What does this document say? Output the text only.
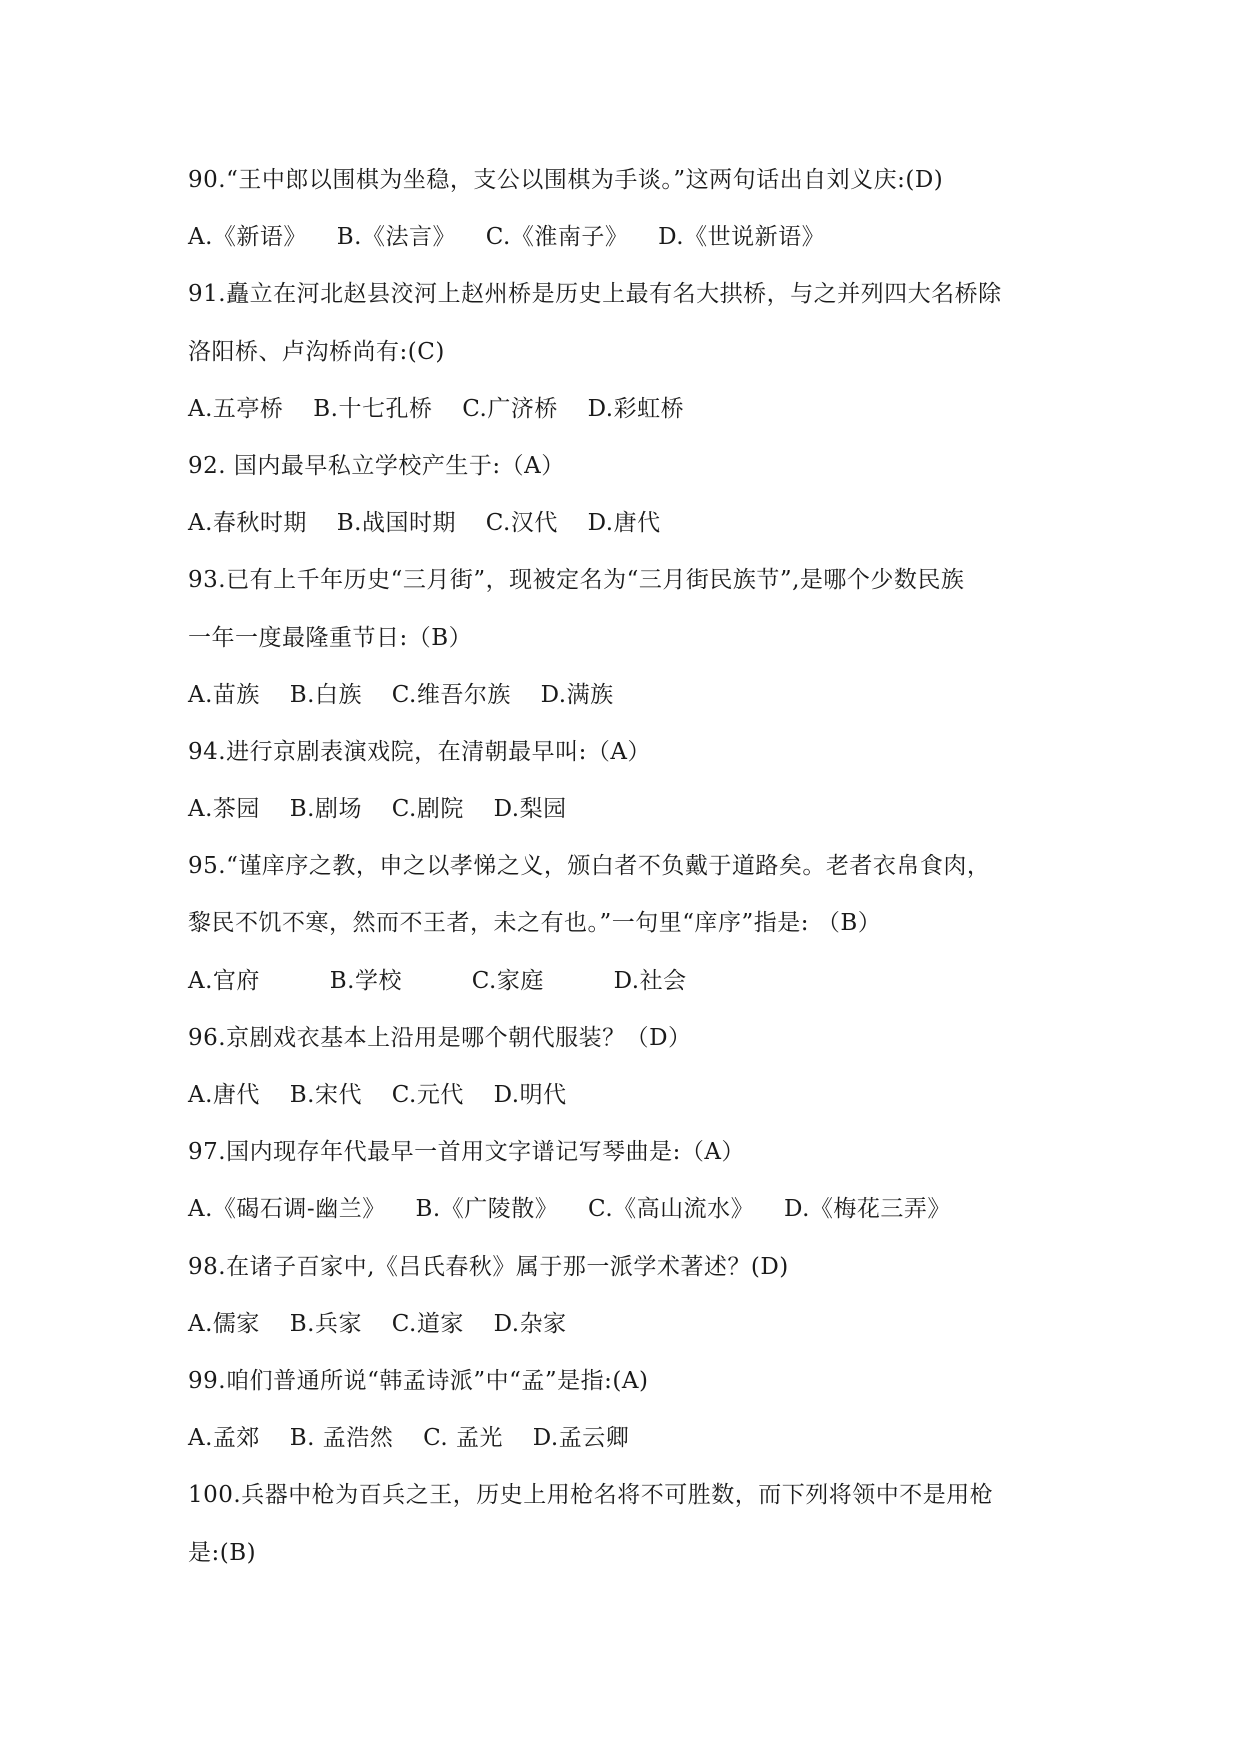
90.“王中郎以围棋为坐稳，支公以围棋为手谈。”这两句话出自刘义庆:(D)
A.《新语》 B.《法言》 C.《淮南子》 D.《世说新语》
91.矗立在河北赵县洨河上赵州桥是历史上最有名大拱桥，与之并列四大名桥除
洛阳桥、卢沟桥尚有:(C)
A.五亭桥 B.十七孔桥 C.广济桥 D.彩虹桥
92. 国内最早私立学校产生于:（A）
A.春秋时期 B.战国时期 C.汉代 D.唐代
93.已有上千年历史“三月街”，现被定名为“三月街民族节”,是哪个少数民族
一年一度最隆重节日:（B）
A.苗族 B.白族 C.维吾尔族 D.满族
94.进行京剧表演戏院，在清朝最早叫:（A）
A.茶园 B.剧场 C.剧院 D.梨园
95.“谨庠序之教，申之以孝悌之义，颁白者不负戴于道路矣。老者衣帛食肉，
黎民不饥不寒，然而不王者，未之有也。”一句里“庠序”指是: （B）
A.官府	B.学校	C.家庭	D.社会
96.京剧戏衣基本上沿用是哪个朝代服装？（D）
A.唐代 B.宋代 C.元代 D.明代
97.国内现存年代最早一首用文字谱记写琴曲是:（A）
A.《碣石调-幽兰》 B.《广陵散》 C.《高山流水》 D.《梅花三弄》
98.在诸子百家中,《吕氏春秋》属于那一派学术著述？(D)
A.儒家 B.兵家 C.道家 D.杂家
99.咱们普通所说“韩孟诗派”中“孟”是指:(A)
A.孟郊 B. 孟浩然 C. 孟光 D.孟云卿
100.兵器中枪为百兵之王，历史上用枪名将不可胜数，而下列将领中不是用枪
是:(B)
